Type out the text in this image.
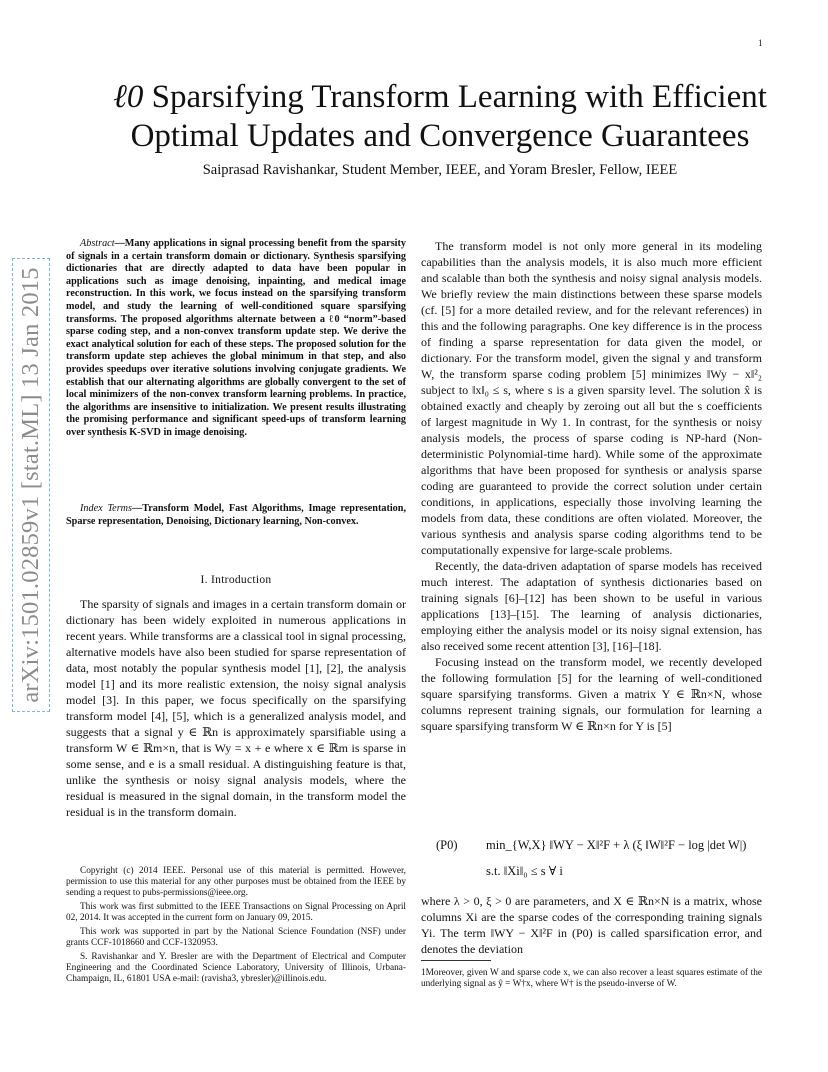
1
ℓ0 Sparsifying Transform Learning with Efficient
Optimal Updates and Convergence Guarantees
Saiprasad Ravishankar, Student Member, IEEE, and Yoram Bresler, Fellow, IEEE
arXiv:1501.02859v1 [stat.ML] 13 Jan 2015

Abstract—Many applications in signal processing benefit from the sparsity of signals in a certain transform domain or dictionary. Synthesis sparsifying dictionaries that are directly adapted to data have been popular in applications such as image denoising, inpainting, and medical image reconstruction. In this work, we focus instead on the sparsifying transform model, and study the learning of well-conditioned square sparsifying transforms. The proposed algorithms alternate between a ℓ0 “norm”-based sparse coding step, and a non-convex transform update step. We derive the exact analytical solution for each of these steps. The proposed solution for the transform update step achieves the global minimum in that step, and also provides speedups over iterative solutions involving conjugate gradients. We establish that our alternating algorithms are globally convergent to the set of local minimizers of the non-convex transform learning problems. In practice, the algorithms are insensitive to initialization. We present results illustrating the promising performance and significant speed-ups of transform learning over synthesis K-SVD in image denoising.

Index Terms—Transform Model, Fast Algorithms, Image representation, Sparse representation, Denoising, Dictionary learning, Non-convex.

I. Introduction

The sparsity of signals and images in a certain transform domain or dictionary has been widely exploited in numerous applications in recent years. While transforms are a classical tool in signal processing, alternative models have also been studied for sparse representation of data, most notably the popular synthesis model [1], [2], the analysis model [1] and its more realistic extension, the noisy signal analysis model [3]. In this paper, we focus specifically on the sparsifying transform model [4], [5], which is a generalized analysis model, and suggests that a signal y ∈ ℝn is approximately sparsifiable using a transform W ∈ ℝm×n, that is Wy = x + e where x ∈ ℝm is sparse in some sense, and e is a small residual. A distinguishing feature is that, unlike the synthesis or noisy signal analysis models, where the residual is measured in the signal domain, in the transform model the residual is in the transform domain.

Copyright (c) 2014 IEEE. Personal use of this material is permitted. However, permission to use this material for any other purposes must be obtained from the IEEE by sending a request to pubs-permissions@ieee.org.

This work was first submitted to the IEEE Transactions on Signal Processing on April 02, 2014. It was accepted in the current form on January 09, 2015.

This work was supported in part by the National Science Foundation (NSF) under grants CCF-1018660 and CCF-1320953.

S. Ravishankar and Y. Bresler are with the Department of Electrical and Computer Engineering and the Coordinated Science Laboratory, University of Illinois, Urbana-Champaign, IL, 61801 USA e-mail: (ravisha3, ybresler)@illinois.edu.

The transform model is not only more general in its modeling capabilities than the analysis models, it is also much more efficient and scalable than both the synthesis and noisy signal analysis models. We briefly review the main distinctions between these sparse models (cf. [5] for a more detailed review, and for the relevant references) in this and the following paragraphs. One key difference is in the process of finding a sparse representation for data given the model, or dictionary. For the transform model, given the signal y and transform W, the transform sparse coding problem [5] minimizes ‖Wy − x‖²₂ subject to ‖x‖₀ ≤ s, where s is a given sparsity level. The solution x̂ is obtained exactly and cheaply by zeroing out all but the s coefficients of largest magnitude in Wy 1. In contrast, for the synthesis or noisy analysis models, the process of sparse coding is NP-hard (Non-deterministic Polynomial-time hard). While some of the approximate algorithms that have been proposed for synthesis or analysis sparse coding are guaranteed to provide the correct solution under certain conditions, in applications, especially those involving learning the models from data, these conditions are often violated. Moreover, the various synthesis and analysis sparse coding algorithms tend to be computationally expensive for large-scale problems.

Recently, the data-driven adaptation of sparse models has received much interest. The adaptation of synthesis dictionaries based on training signals [6]–[12] has been shown to be useful in various applications [13]–[15]. The learning of analysis dictionaries, employing either the analysis model or its noisy signal extension, has also received some recent attention [3], [16]–[18].

Focusing instead on the transform model, we recently developed the following formulation [5] for the learning of well-conditioned square sparsifying transforms. Given a matrix Y ∈ ℝn×N, whose columns represent training signals, our formulation for learning a square sparsifying transform W ∈ ℝn×n for Y is [5]

(P0) min_{W,X} ‖WY − X‖²F + λ (ξ ‖W‖²F − log |det W|)
s.t. ‖Xi‖₀ ≤ s ∀ i

where λ > 0, ξ > 0 are parameters, and X ∈ ℝn×N is a matrix, whose columns Xi are the sparse codes of the corresponding training signals Yi. The term ‖WY − X‖²F in (P0) is called sparsification error, and denotes the deviation

1Moreover, given W and sparse code x, we can also recover a least squares estimate of the underlying signal as ŷ = W†x, where W† is the pseudo-inverse of W.
